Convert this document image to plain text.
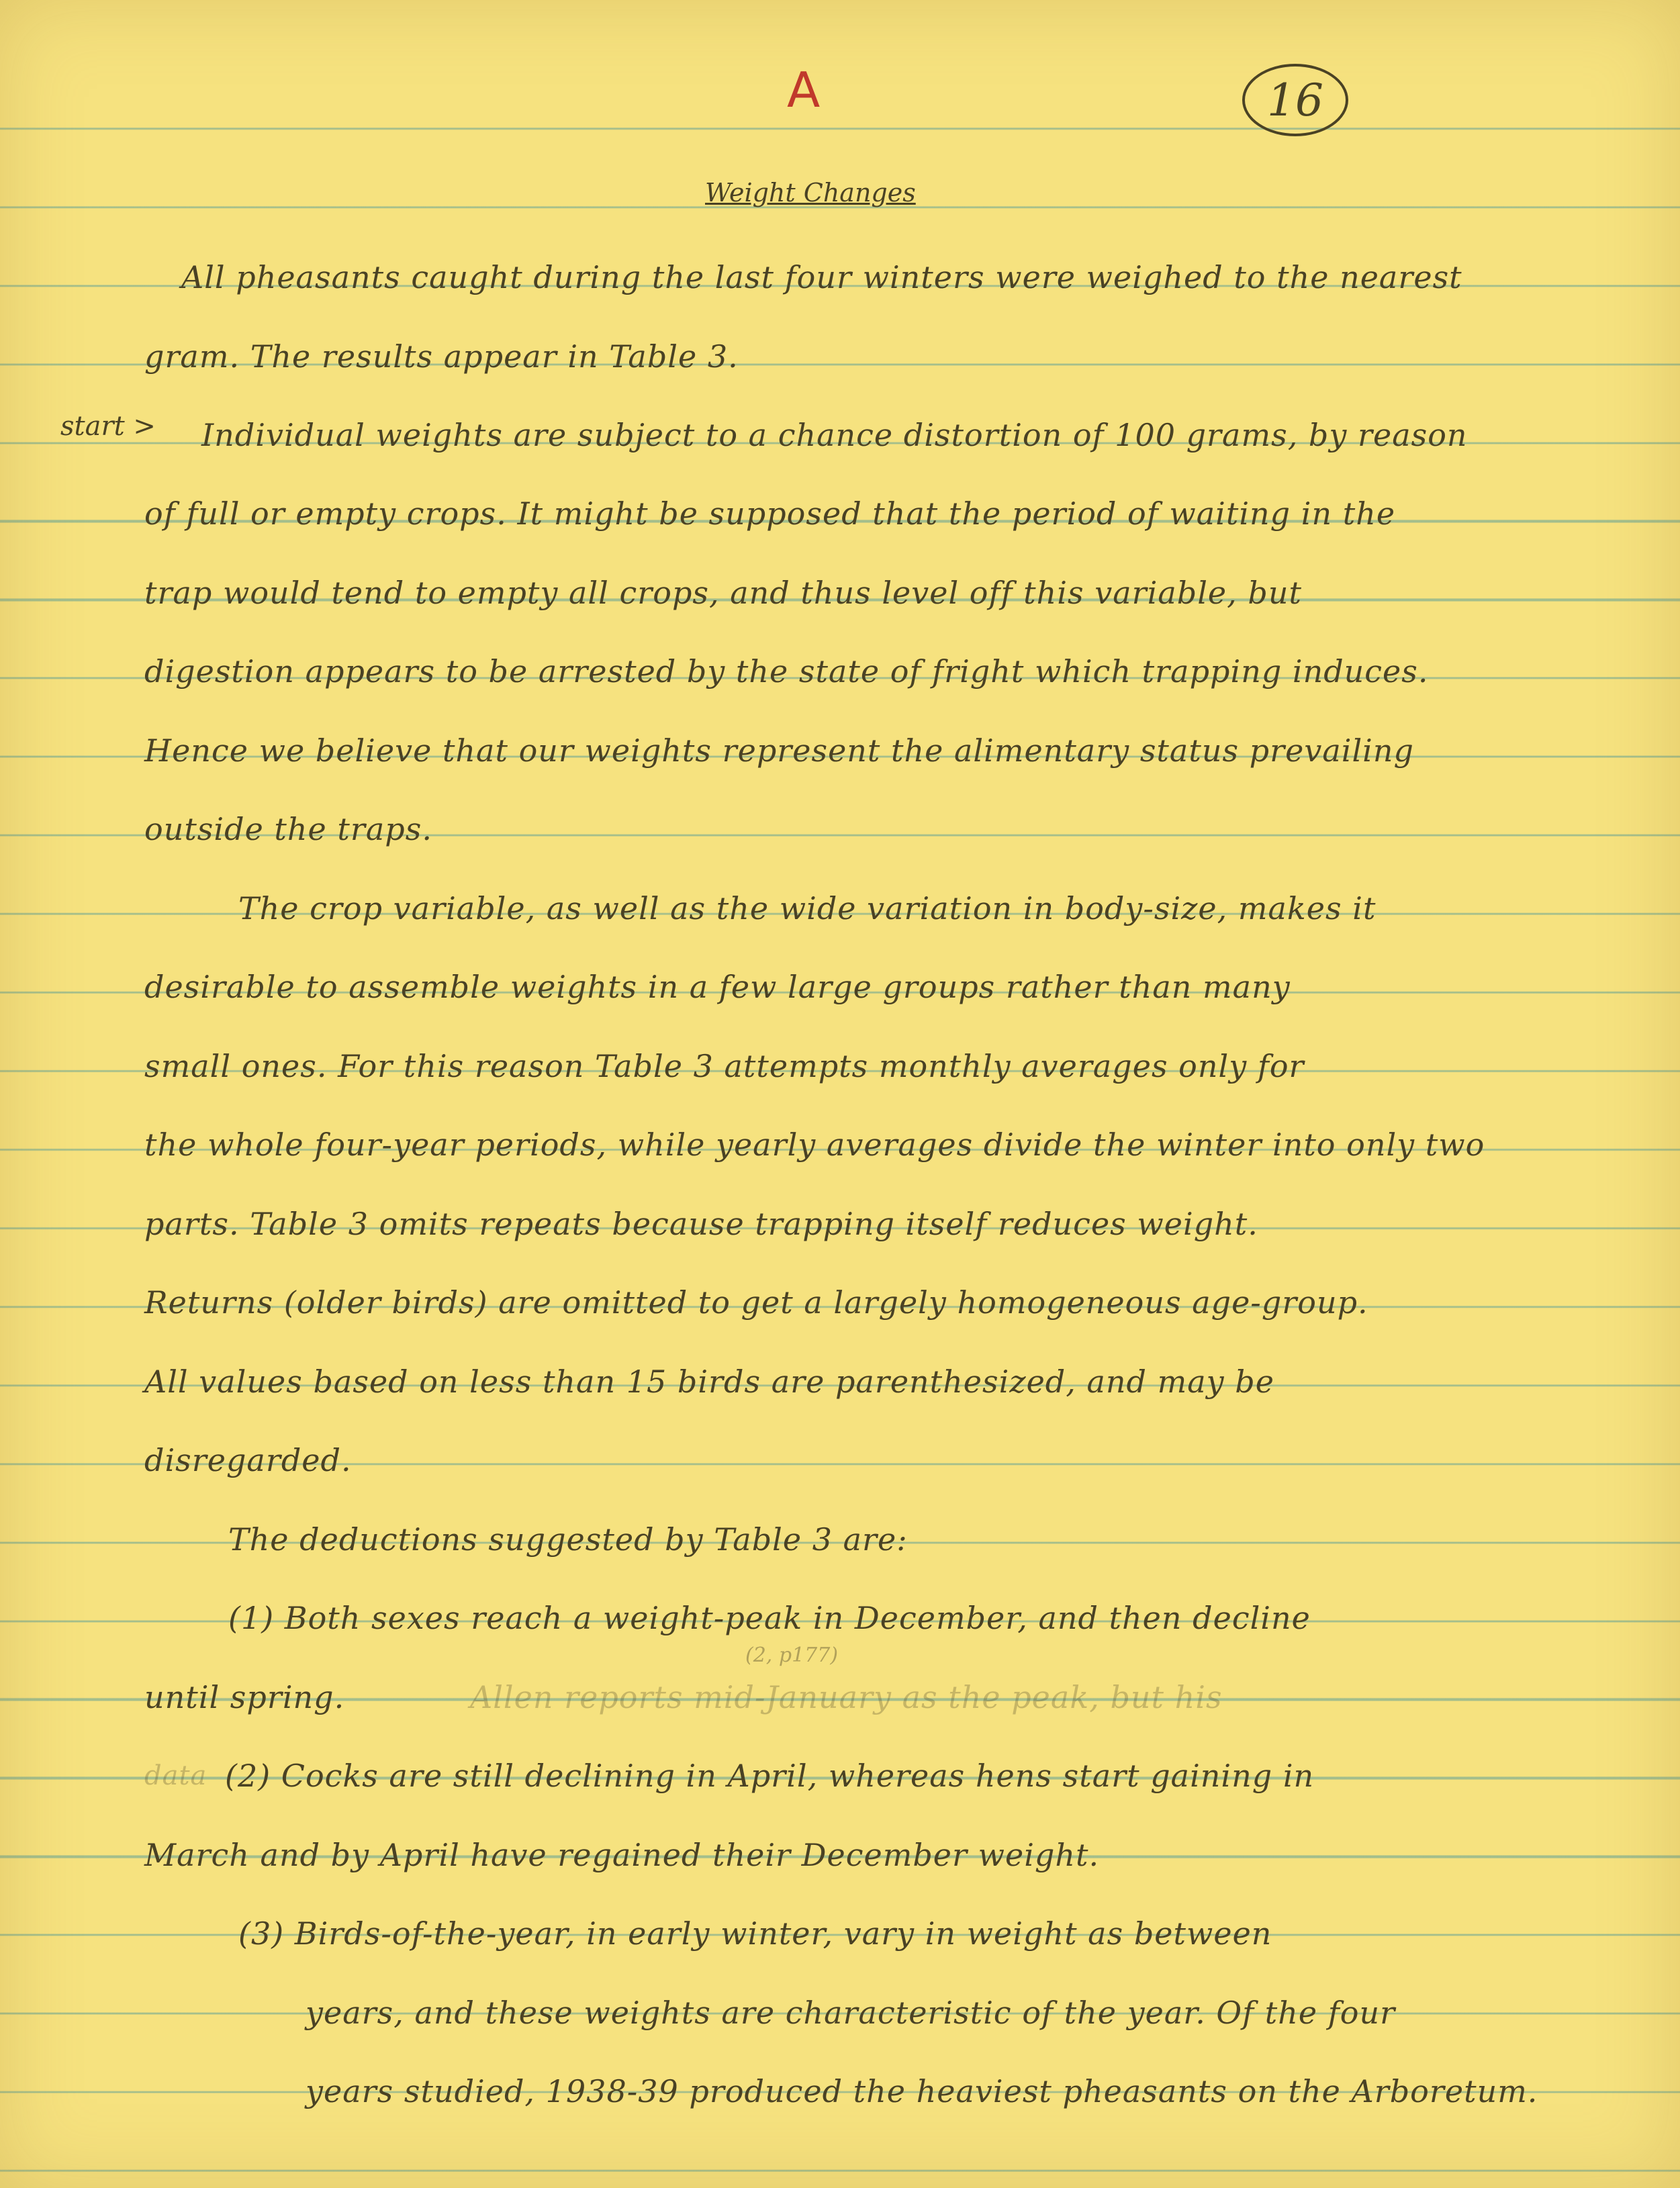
A	16
Weight Changes
start >
All pheasants caught during the last four winters were weighed to the nearest
gram. The results appear in Table 3.
Individual weights are subject to a chance distortion of 100 grams, by reason
of full or empty crops. It might be supposed that the period of waiting in the
trap would tend to empty all crops, and thus level off this variable, but
digestion appears to be arrested by the state of fright which trapping induces.
Hence we believe that our weights represent the alimentary status prevailing
outside the traps.
The crop variable, as well as the wide variation in body-size, makes it
desirable to assemble weights in a few large groups rather than many
small ones. For this reason Table 3 attempts monthly averages only for
the whole four-year periods, while yearly averages divide the winter into only two
parts. Table 3 omits repeats because trapping itself reduces weight.
Returns (older birds) are omitted to get a largely homogeneous age-group.
All values based on less than 15 birds are parenthesized, and may be
disregarded.
The deductions suggested by Table 3 are:
(1) Both sexes reach a weight-peak in December, and then decline
until spring.	Allen reports mid-January as the peak, but his
(2, p177)
data (2) Cocks are still declining in April, whereas hens start gaining in
March and by April have regained their December weight.
(3) Birds-of-the-year, in early winter, vary in weight as between
years, and these weights are characteristic of the year. Of the four
years studied, 1938-39 produced the heaviest pheasants on the Arboretum.
